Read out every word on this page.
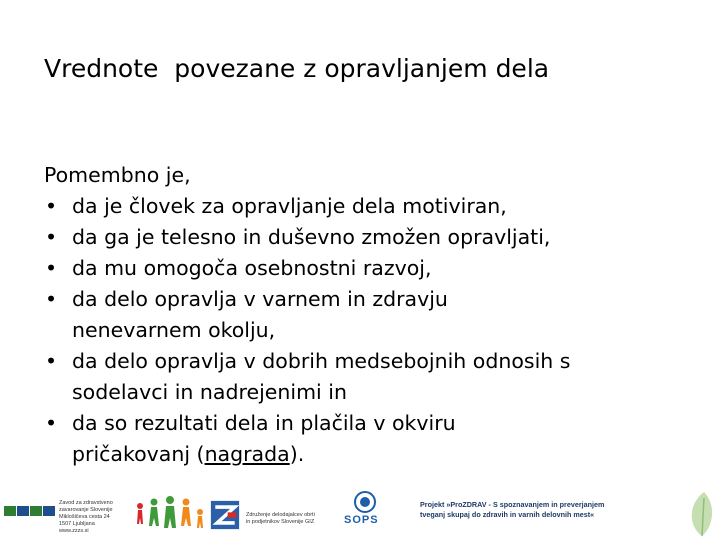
Vrednote  povezane z opravljanjem dela

Pomembno je,

• da je človek za opravljanje dela motiviran,
• da ga je telesno in duševno zmožen opravljati,
• da mu omogoča osebnostni razvoj,
• da delo opravlja v varnem in zdravju
nenevarnem okolju,
• da delo opravlja v dobrih medsebojnih odnosih s
sodelavci in nadrejenimi in
• da so rezultati dela in plačila v okviru
pričakovanj (nagrada).
Zavod za zdravstveno
zavarovanje Slovenije
Miklošičeva cesta 24
1507 Ljubljana
www.zzzs.si
Združenje delodajalcev obrti
in podjetnikov Slovenije GIZ	SOPS
Projekt »ProZDRAV - S spoznavanjem in preverjanjem
tveganj skupaj do zdravih in varnih delovnih mest«
